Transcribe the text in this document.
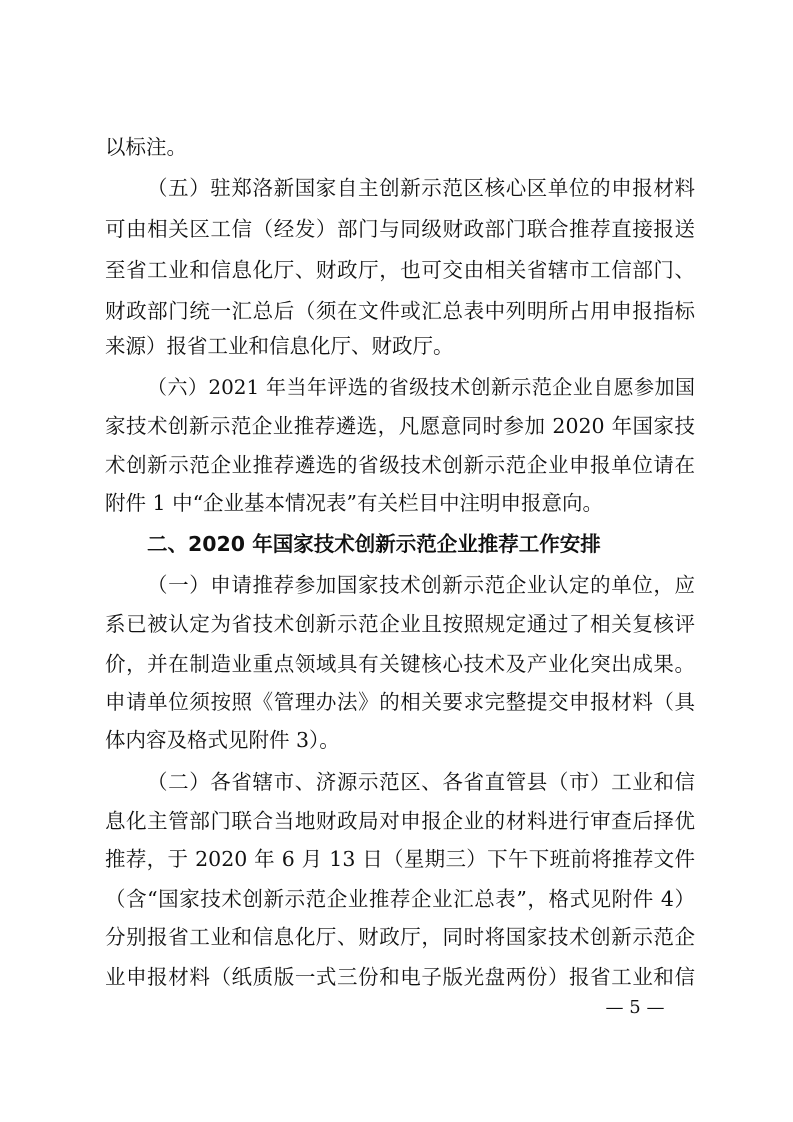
以标注。
（五）驻郑洛新国家自主创新示范区核心区单位的申报材料
可由相关区工信（经发）部门与同级财政部门联合推荐直接报送
至省工业和信息化厅、财政厅，也可交由相关省辖市工信部门、
财政部门统一汇总后（须在文件或汇总表中列明所占用申报指标
来源）报省工业和信息化厅、财政厅。
（六）2021 年当年评选的省级技术创新示范企业自愿参加国
家技术创新示范企业推荐遴选，凡愿意同时参加 2020 年国家技
术创新示范企业推荐遴选的省级技术创新示范企业申报单位请在
附件 1 中“企业基本情况表”有关栏目中注明申报意向。
二、2020 年国家技术创新示范企业推荐工作安排
（一）申请推荐参加国家技术创新示范企业认定的单位，应
系已被认定为省技术创新示范企业且按照规定通过了相关复核评
价，并在制造业重点领域具有关键核心技术及产业化突出成果。
申请单位须按照《管理办法》的相关要求完整提交申报材料（具
体内容及格式见附件 3）。
（二）各省辖市、济源示范区、各省直管县（市）工业和信
息化主管部门联合当地财政局对申报企业的材料进行审查后择优
推荐，于 2020 年 6 月 13 日（星期三）下午下班前将推荐文件
（含“国家技术创新示范企业推荐企业汇总表”，格式见附件 4）
分别报省工业和信息化厅、财政厅，同时将国家技术创新示范企
业申报材料（纸质版一式三份和电子版光盘两份）报省工业和信
— 5 —
